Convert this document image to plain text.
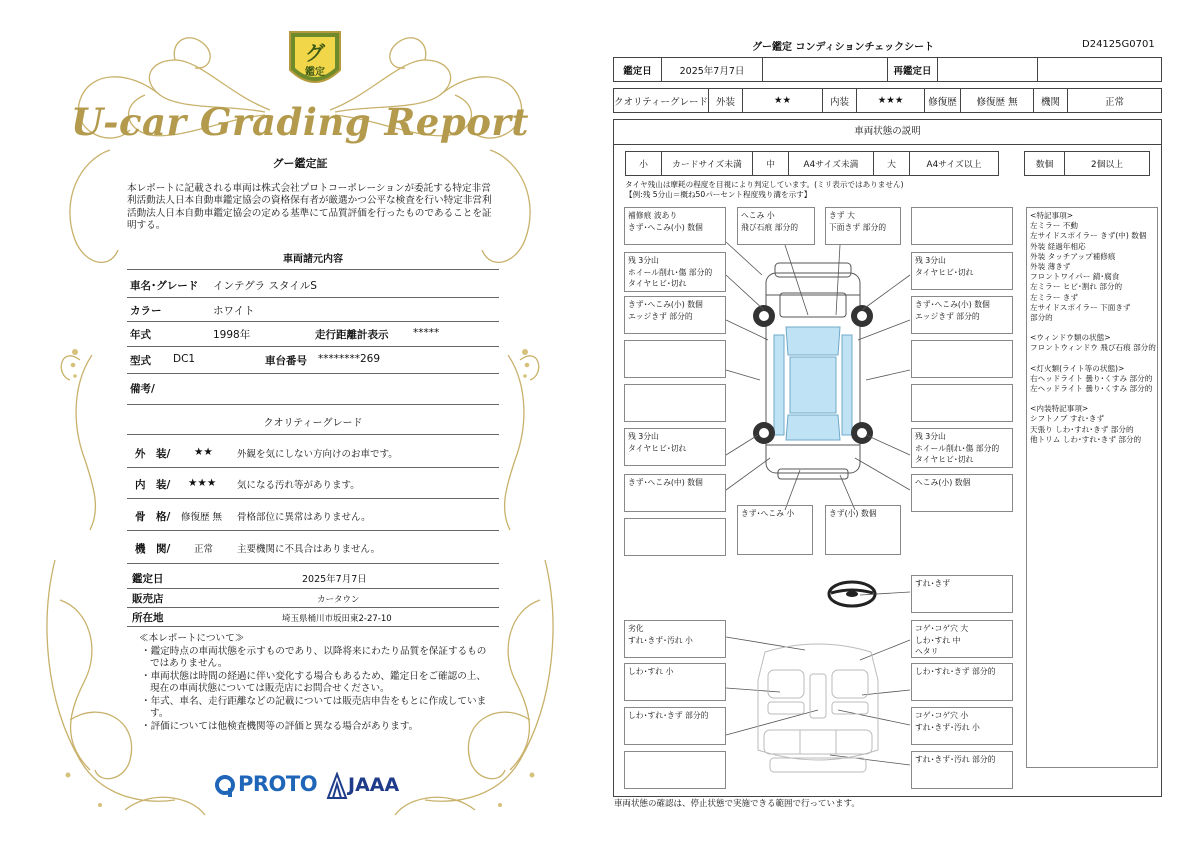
グ
鑑定
U-car Grading Report
グー鑑定証
本レポートに記載される車両は株式会社プロトコーポレーションが委託する特定非営利活動法人日本自動車鑑定協会の資格保有者が厳選かつ公平な検査を行い特定非営利活動法人日本自動車鑑定協会の定める基準にて品質評価を行ったものであることを証明する。
車両諸元内容
車名･グレード インテグラ スタイルS
カラー	ホワイト
年式	1998年	走行距離計表示 *****
型式 DC1	車台番号 ********269
備考/
クオリティーグレード
外　装/ ★★	外観を気にしない方向けのお車です。
内　装/ ★★★ 気になる汚れ等があります。
骨　格/ 修復歴 無 骨格部位に異常はありません。
機　関/ 正常	主要機関に不具合はありません。
鑑定日	2025年7月7日
販売店	カータウン
所在地	埼玉県桶川市坂田東2-27-10
≪本レポートについて≫
・鑑定時点の車両状態を示すものであり、以降将来にわたり品質を保証するものではありません。
・車両状態は時間の経過に伴い変化する場合もあるため、鑑定日をご確認の上、現在の車両状態については販売店にお問合せください。
・年式、車名、走行距離などの記載については販売店申告をもとに作成しています。
・評価については他検査機関等の評価と異なる場合があります。
PROTO JAAA
グー鑑定 コンディションチェックシート	D24125G0701
鑑定日	2025年7月7日		再鑑定日		
クオリティーグレード	外装	★★	内装	★★★	修復歴	修復歴 無	機関	正常
車両状態の説明
小	カードサイズ未満	中	A4サイズ未満	大	A4サイズ以上	数個	2個以上
タイヤ残山は摩耗の程度を目視により判定しています。(ミリ表示ではありません)
【例:残 5分山＝概ね50パーセント程度残り溝を示す】
補修痕 波あり
きず･へこみ(小) 数個
へこみ 小
飛び石痕 部分的
きず 大
下面きず 部分的
残 3分山
ホイール削れ･傷 部分的
タイヤヒビ･切れ
残 3分山
タイヤヒビ･切れ
きず･へこみ(小) 数個
エッジきず 部分的
きず･へこみ(小) 数個
エッジきず 部分的
残 3分山
タイヤヒビ･切れ
残 3分山
ホイール削れ･傷 部分的
タイヤヒビ･切れ
きず･へこみ(中) 数個	へこみ(小) 数個
きず･へこみ 小	きず(小) 数個
すれ･きず
劣化
すれ･きず･汚れ 小
コゲ･コゲ穴 大
しわ･すれ 中
ヘタリ
しわ･すれ 小	しわ･すれ･きず 部分的
しわ･すれ･きず 部分的	コゲ･コゲ穴 小
すれ･きず･汚れ 小
すれ･きず･汚れ 部分的
<特記事項>
左ミラー 不動
左サイドスポイラー きず(中) 数個
外装 経過年相応
外装 タッチアップ補修痕
外装 薄きず
フロントワイパー 錆･腐食
左ミラー ヒビ･割れ 部分的
左ミラー きず
左サイドスポイラー 下面きず
部分的
<ウィンドウ類の状態>
フロントウィンドウ 飛び石痕 部分的
<灯火類(ライト等の状態)>
右ヘッドライト 曇り･くすみ 部分的
左ヘッドライト 曇り･くすみ 部分的
<内装特記事項>
シフトノブ すれ･きず
天張り しわ･すれ･きず 部分的
他トリム しわ･すれ･きず 部分的
車両状態の確認は、停止状態で実施できる範囲で行っています。
